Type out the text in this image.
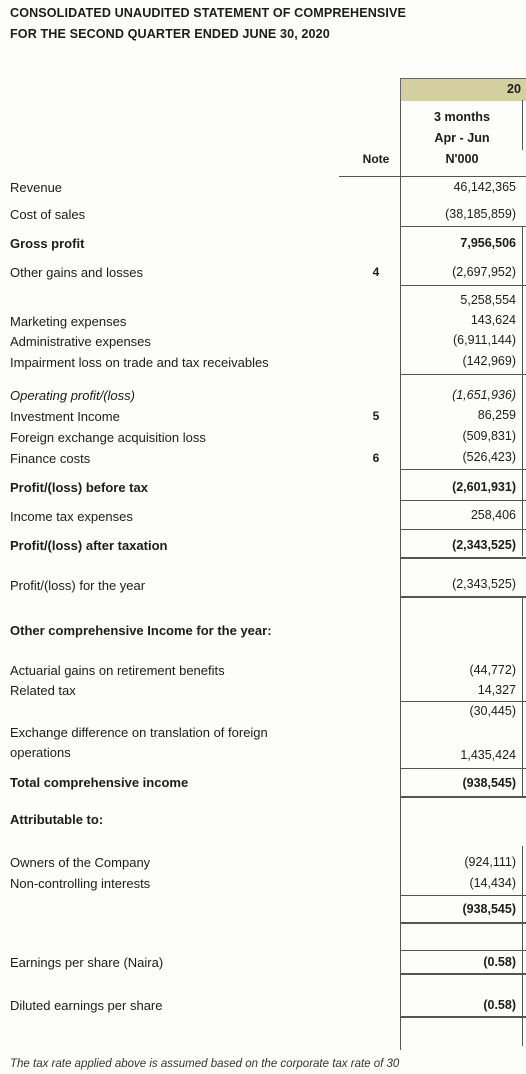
CONSOLIDATED UNAUDITED STATEMENT OF COMPREHENSIVE
FOR THE SECOND QUARTER ENDED JUNE 30, 2020
20
3 months
Apr - Jun
N'000
Note
Revenue	46,142,365
Cost of sales	(38,185,859)
Gross profit	7,956,506
Other gains and losses	4	(2,697,952)
5,258,554
Marketing expenses	143,624
Administrative expenses	(6,911,144)
Impairment loss on trade and tax receivables	(142,969)
Operating profit/(loss)	(1,651,936)
Investment Income	5	86,259
Foreign exchange acquisition loss	(509,831)
Finance costs	6	(526,423)
Profit/(loss) before tax	(2,601,931)
Income tax expenses	258,406
Profit/(loss) after taxation	(2,343,525)
Profit/(loss) for the year	(2,343,525)
Other comprehensive Income for the year:
Actuarial gains on retirement benefits	(44,772)
Related tax	14,327
(30,445)
Exchange difference on translation of foreign
operations	1,435,424
Total comprehensive income	(938,545)
Attributable to:
Owners of the Company	(924,111)
Non-controlling interests	(14,434)
(938,545)
Earnings per share (Naira)	(0.58)
Diluted earnings per share	(0.58)
The tax rate applied above is assumed based on the corporate tax rate of 30
